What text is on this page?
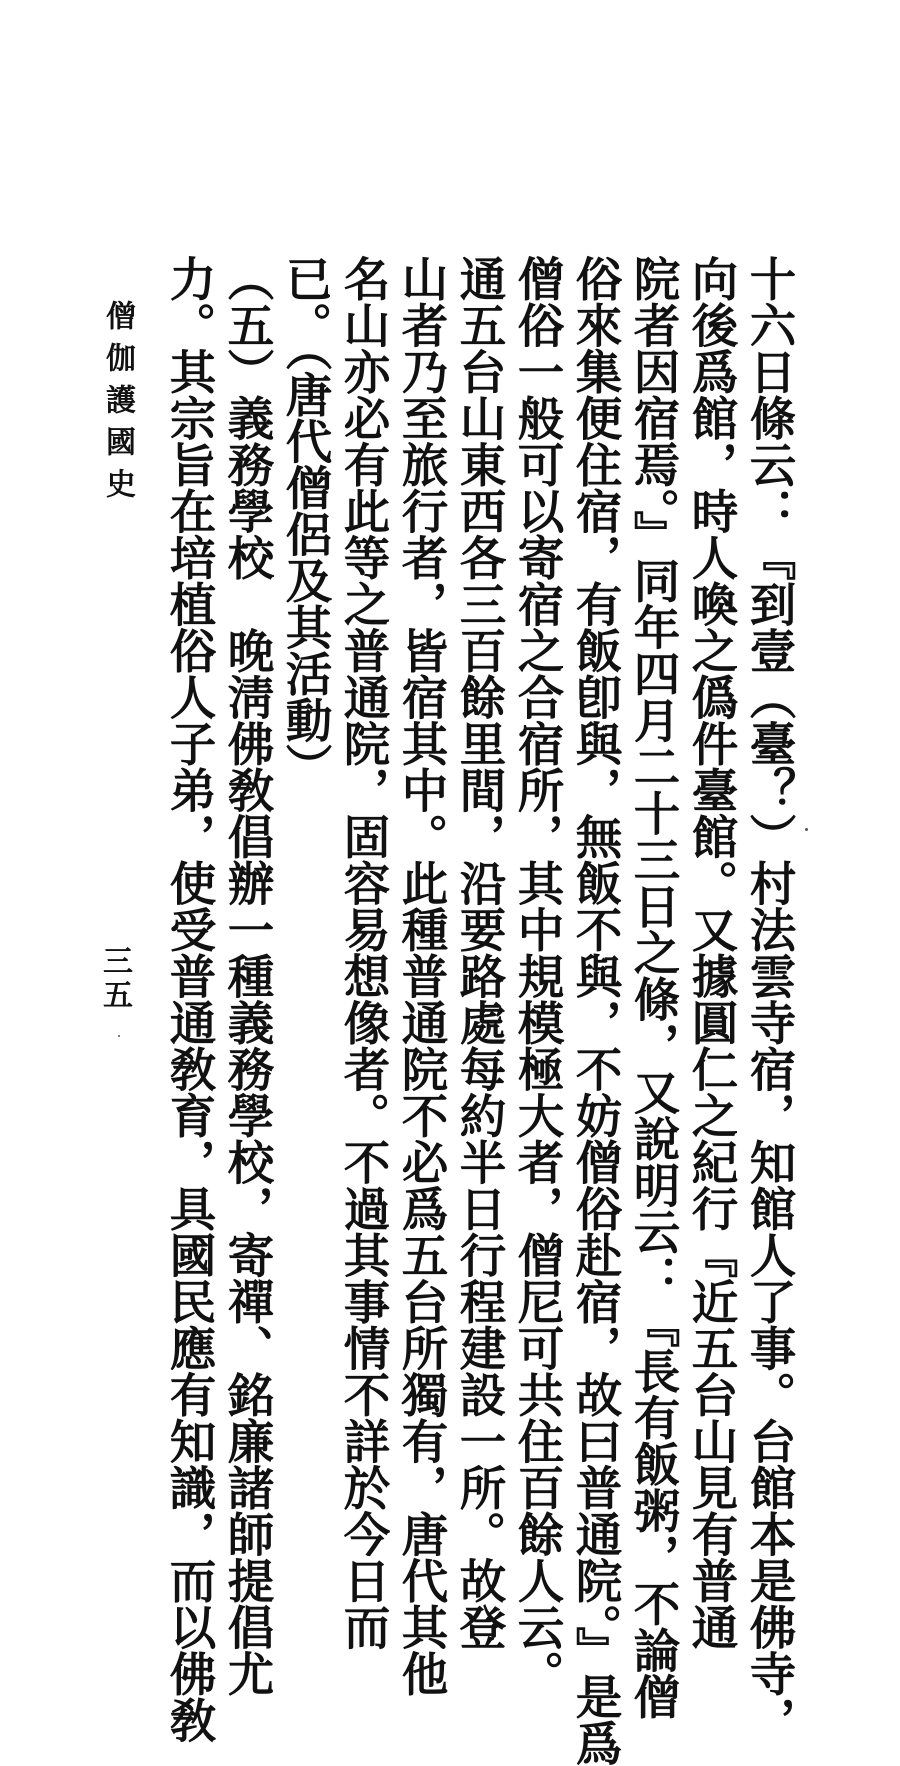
十六日條云：『到壹（臺？）村法雲寺宿，知館人了事。台館本是佛寺，
向後爲館，時人喚之僞件臺館。又據圓仁之紀行『近五台山見有普通
院者因宿焉。』同年四月二十三日之條，又說明云：『長有飯粥，不論僧
俗來集便住宿，有飯卽與，無飯不與，不妨僧俗赴宿，故曰普通院。』是爲
僧俗一般可以寄宿之合宿所，其中規模極大者，僧尼可共住百餘人云。
通五台山東西各三百餘里間，沿要路處每約半日行程建設一所。故登
山者乃至旅行者，皆宿其中。此種普通院不必爲五台所獨有，唐代其他
名山亦必有此等之普通院，固容易想像者。不過其事情不詳於今日而
已。（唐代僧侶及其活動）
（五）義務學校　晚淸佛敎倡辦一種義務學校，寄禪、銘廉諸師提倡尤
力。其宗旨在培植俗人子弟，使受普通敎育，具國民應有知識，而以佛敎
僧伽護國史
三五
